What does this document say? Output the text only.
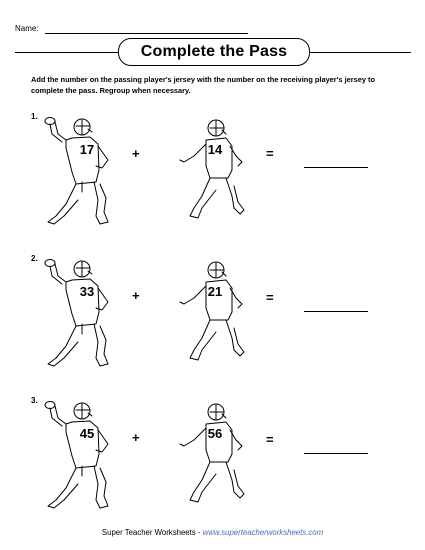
Name:
Complete the Pass
Add the number on the passing player's jersey with the number on the receiving player's jersey to complete the pass. Regroup when necessary.
1.
17	+	14	=
2.
33	+	21	=
3.
45	+	56	=
Super Teacher Worksheets - www.superteacherworksheets.com
